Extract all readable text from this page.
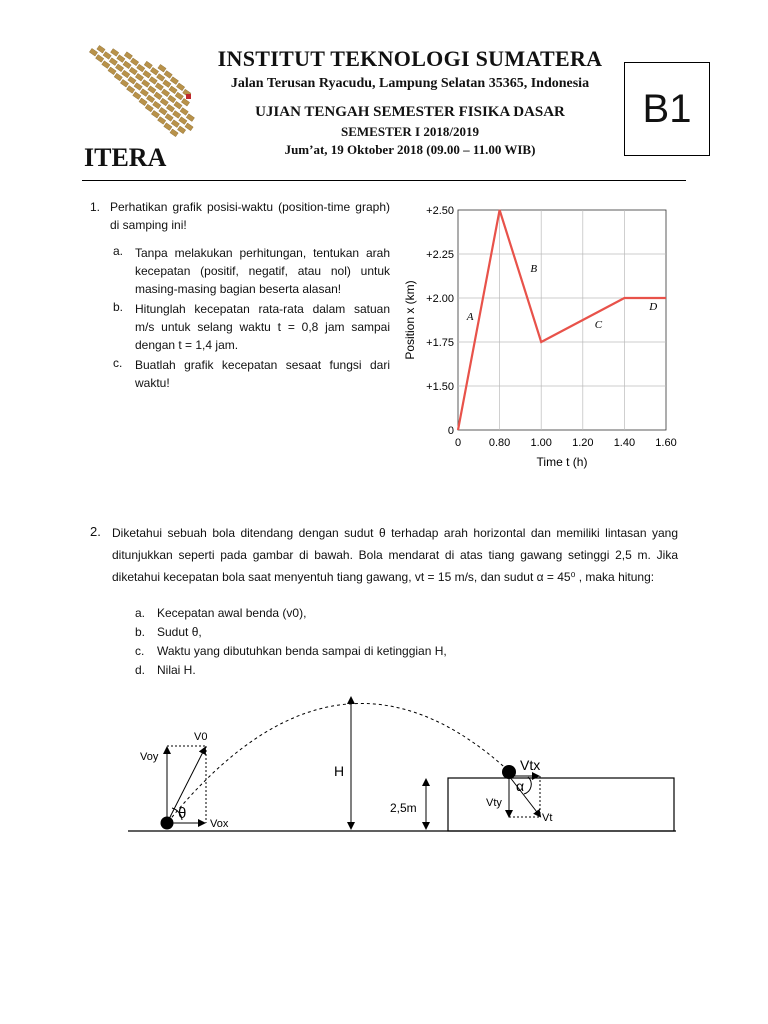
ITERA
INSTITUT TEKNOLOGI SUMATERA
Jalan Terusan Ryacudu, Lampung Selatan 35365, Indonesia
UJIAN TENGAH SEMESTER FISIKA DASAR
SEMESTER I 2018/2019
Jum’at, 19 Oktober 2018 (09.00 – 11.00 WIB)
B1
1. Perhatikan grafik posisi-waktu (position-time graph) di samping ini!
a. Tanpa melakukan perhitungan, tentukan arah kecepatan (positif, negatif, atau nol) untuk masing-masing bagian beserta alasan!
b. Hitunglah kecepatan rata-rata dalam satuan m/s untuk selang waktu t = 0,8 jam sampai dengan t = 1,4 jam.
c. Buatlah grafik kecepatan sesaat fungsi dari waktu!
0	0.80 1.00 1.20 1.40 1.60
0
+1.50
+1.75
+2.00
+2.25
+2.50
A
B
C
D
Time t (h)
Position x (km)
2. Diketahui sebuah bola ditendang dengan sudut θ terhadap arah horizontal dan memiliki lintasan yang ditunjukkan seperti pada gambar di bawah. Bola mendarat di atas tiang gawang setinggi 2,5 m. Jika diketahui kecepatan bola saat menyentuh tiang gawang, vt = 15 m/s, dan sudut α = 45⁰ , maka hitung:
a. Kecepatan awal benda (v0),
b. Sudut θ,
c. Waktu yang dibutuhkan benda sampai di ketinggian H,
d. Nilai H.
V0
Voy
Vox
θ
H
2,5m
Vtx
Vty
Vt
α
